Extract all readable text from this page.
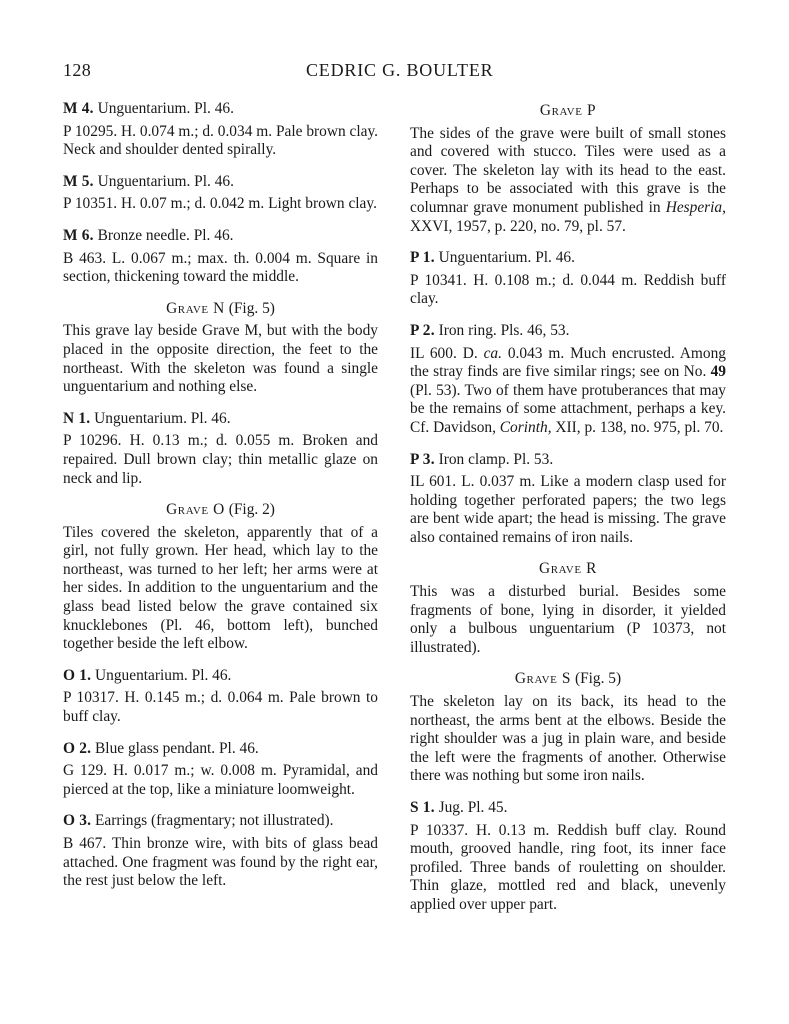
128	CEDRIC G. BOULTER
M 4. Unguentarium. Pl. 46.
P 10295. H. 0.074 m.; d. 0.034 m. Pale brown clay. Neck and shoulder dented spirally.
M 5. Unguentarium. Pl. 46.
P 10351. H. 0.07 m.; d. 0.042 m. Light brown clay.
M 6. Bronze needle. Pl. 46.
B 463. L. 0.067 m.; max. th. 0.004 m. Square in section, thickening toward the middle.
Grave N (Fig. 5)
This grave lay beside Grave M, but with the body placed in the opposite direction, the feet to the northeast. With the skeleton was found a single unguentarium and nothing else.
N 1. Unguentarium. Pl. 46.
P 10296. H. 0.13 m.; d. 0.055 m. Broken and repaired. Dull brown clay; thin metallic glaze on neck and lip.
Grave O (Fig. 2)
Tiles covered the skeleton, apparently that of a girl, not fully grown. Her head, which lay to the northeast, was turned to her left; her arms were at her sides. In addition to the unguentarium and the glass bead listed below the grave contained six knucklebones (Pl. 46, bottom left), bunched together beside the left elbow.
O 1. Unguentarium. Pl. 46.
P 10317. H. 0.145 m.; d. 0.064 m. Pale brown to buff clay.
O 2. Blue glass pendant. Pl. 46.
G 129. H. 0.017 m.; w. 0.008 m. Pyramidal, and pierced at the top, like a miniature loomweight.
O 3. Earrings (fragmentary; not illustrated).
B 467. Thin bronze wire, with bits of glass bead attached. One fragment was found by the right ear, the rest just below the left.
Grave P
The sides of the grave were built of small stones and covered with stucco. Tiles were used as a cover. The skeleton lay with its head to the east. Perhaps to be associated with this grave is the columnar grave monument published in Hesperia, XXVI, 1957, p. 220, no. 79, pl. 57.
P 1. Unguentarium. Pl. 46.
P 10341. H. 0.108 m.; d. 0.044 m. Reddish buff clay.
P 2. Iron ring. Pls. 46, 53.
IL 600. D. ca. 0.043 m. Much encrusted. Among the stray finds are five similar rings; see on No. 49 (Pl. 53). Two of them have protuberances that may be the remains of some attachment, perhaps a key. Cf. Davidson, Corinth, XII, p. 138, no. 975, pl. 70.
P 3. Iron clamp. Pl. 53.
IL 601. L. 0.037 m. Like a modern clasp used for holding together perforated papers; the two legs are bent wide apart; the head is missing. The grave also contained remains of iron nails.
Grave R
This was a disturbed burial. Besides some fragments of bone, lying in disorder, it yielded only a bulbous unguentarium (P 10373, not illustrated).
Grave S (Fig. 5)
The skeleton lay on its back, its head to the northeast, the arms bent at the elbows. Beside the right shoulder was a jug in plain ware, and beside the left were the fragments of another. Otherwise there was nothing but some iron nails.
S 1. Jug. Pl. 45.
P 10337. H. 0.13 m. Reddish buff clay. Round mouth, grooved handle, ring foot, its inner face profiled. Three bands of rouletting on shoulder. Thin glaze, mottled red and black, unevenly applied over upper part.
